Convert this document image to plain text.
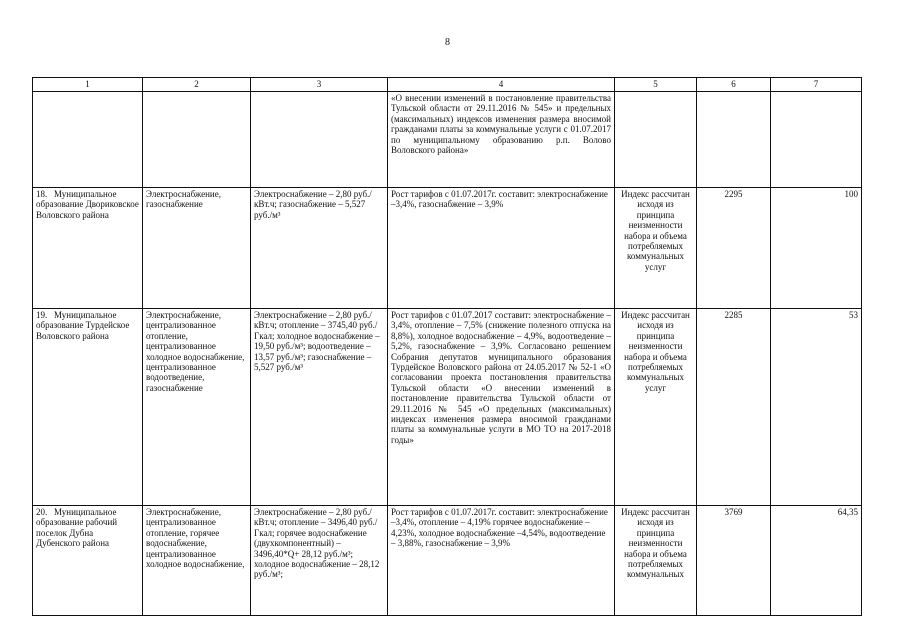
8
1	2	3	4	5	6	7
			«О внесении изменений в постановление правительства Тульской области от 29.11.2016 № 545» и предельных (максимальных) индексов изменения размера вносимой гражданами платы за коммунальные услуги с 01.07.2017 по муниципальному образованию р.п. Волово Воловского района»			
18. Муниципальное образование Двориковское Воловского района	Электроснабжение, газоснабжение	Электроснабжение – 2,80 руб./кВт.ч; газоснабжение – 5,527 руб./м³	Рост тарифов с 01.07.2017г. составит: электроснабжение –3,4%, газоснабжение – 3,9%	Индекс рассчитан исходя из принципа неизменности набора и объема потребляемых коммунальных услуг	2295	100
19. Муниципальное образование Турдейское Воловского района	Электроснабжение, централизованное отопление, централизованное холодное водоснабжение, централизованное водоотведение, газоснабжение	Электроснабжение – 2,80 руб./кВт.ч; отопление – 3745,40 руб./Гкал; холодное водоснабжение – 19,50 руб./м³; водоотведение – 13,57 руб./м³; газоснабжение – 5,527 руб./м³	Рост тарифов с 01.07.2017 составит: электроснабжение – 3,4%, отопление – 7,5% (снижение полезного отпуска на 8,8%), холодное водоснабжение – 4,9%, водоотведение – 5,2%, газоснабжение – 3,9%. Согласовано решением Собрания депутатов муниципального образования Турдейское Воловского района от 24.05.2017 № 52-1 «О согласовании проекта постановления правительства Тульской области «О внесении изменений в постановление правительства Тульской области от 29.11.2016 № 545 «О предельных (максимальных) индексах изменения размера вносимой гражданами платы за коммунальные услуги в МО ТО на 2017-2018 годы»	Индекс рассчитан исходя из принципа неизменности набора и объема потребляемых коммунальных услуг	2285	53
20. Муниципальное образование рабочий поселок Дубна Дубенского района	Электроснабжение, централизованное отопление, горячее водоснабжение, централизованное холодное водоснабжение,	Электроснабжение – 2,80 руб./кВт.ч; отопление – 3496,40 руб./Гкал; горячее водоснабжение (двухкомпонентный) – 3496,40*Q+ 28,12 руб./м³; холодное водоснабжение – 28,12 руб./м³;	Рост тарифов с 01.07.2017г. составит: электроснабжение –3,4%, отопление – 4,19% горячее водоснабжение –4,23%, холодное водоснабжение –4,54%, водоотведение – 3,88%, газоснабжение – 3,9%	Индекс рассчитан исходя из принципа неизменности набора и объема потребляемых коммунальных	3769	64,35
